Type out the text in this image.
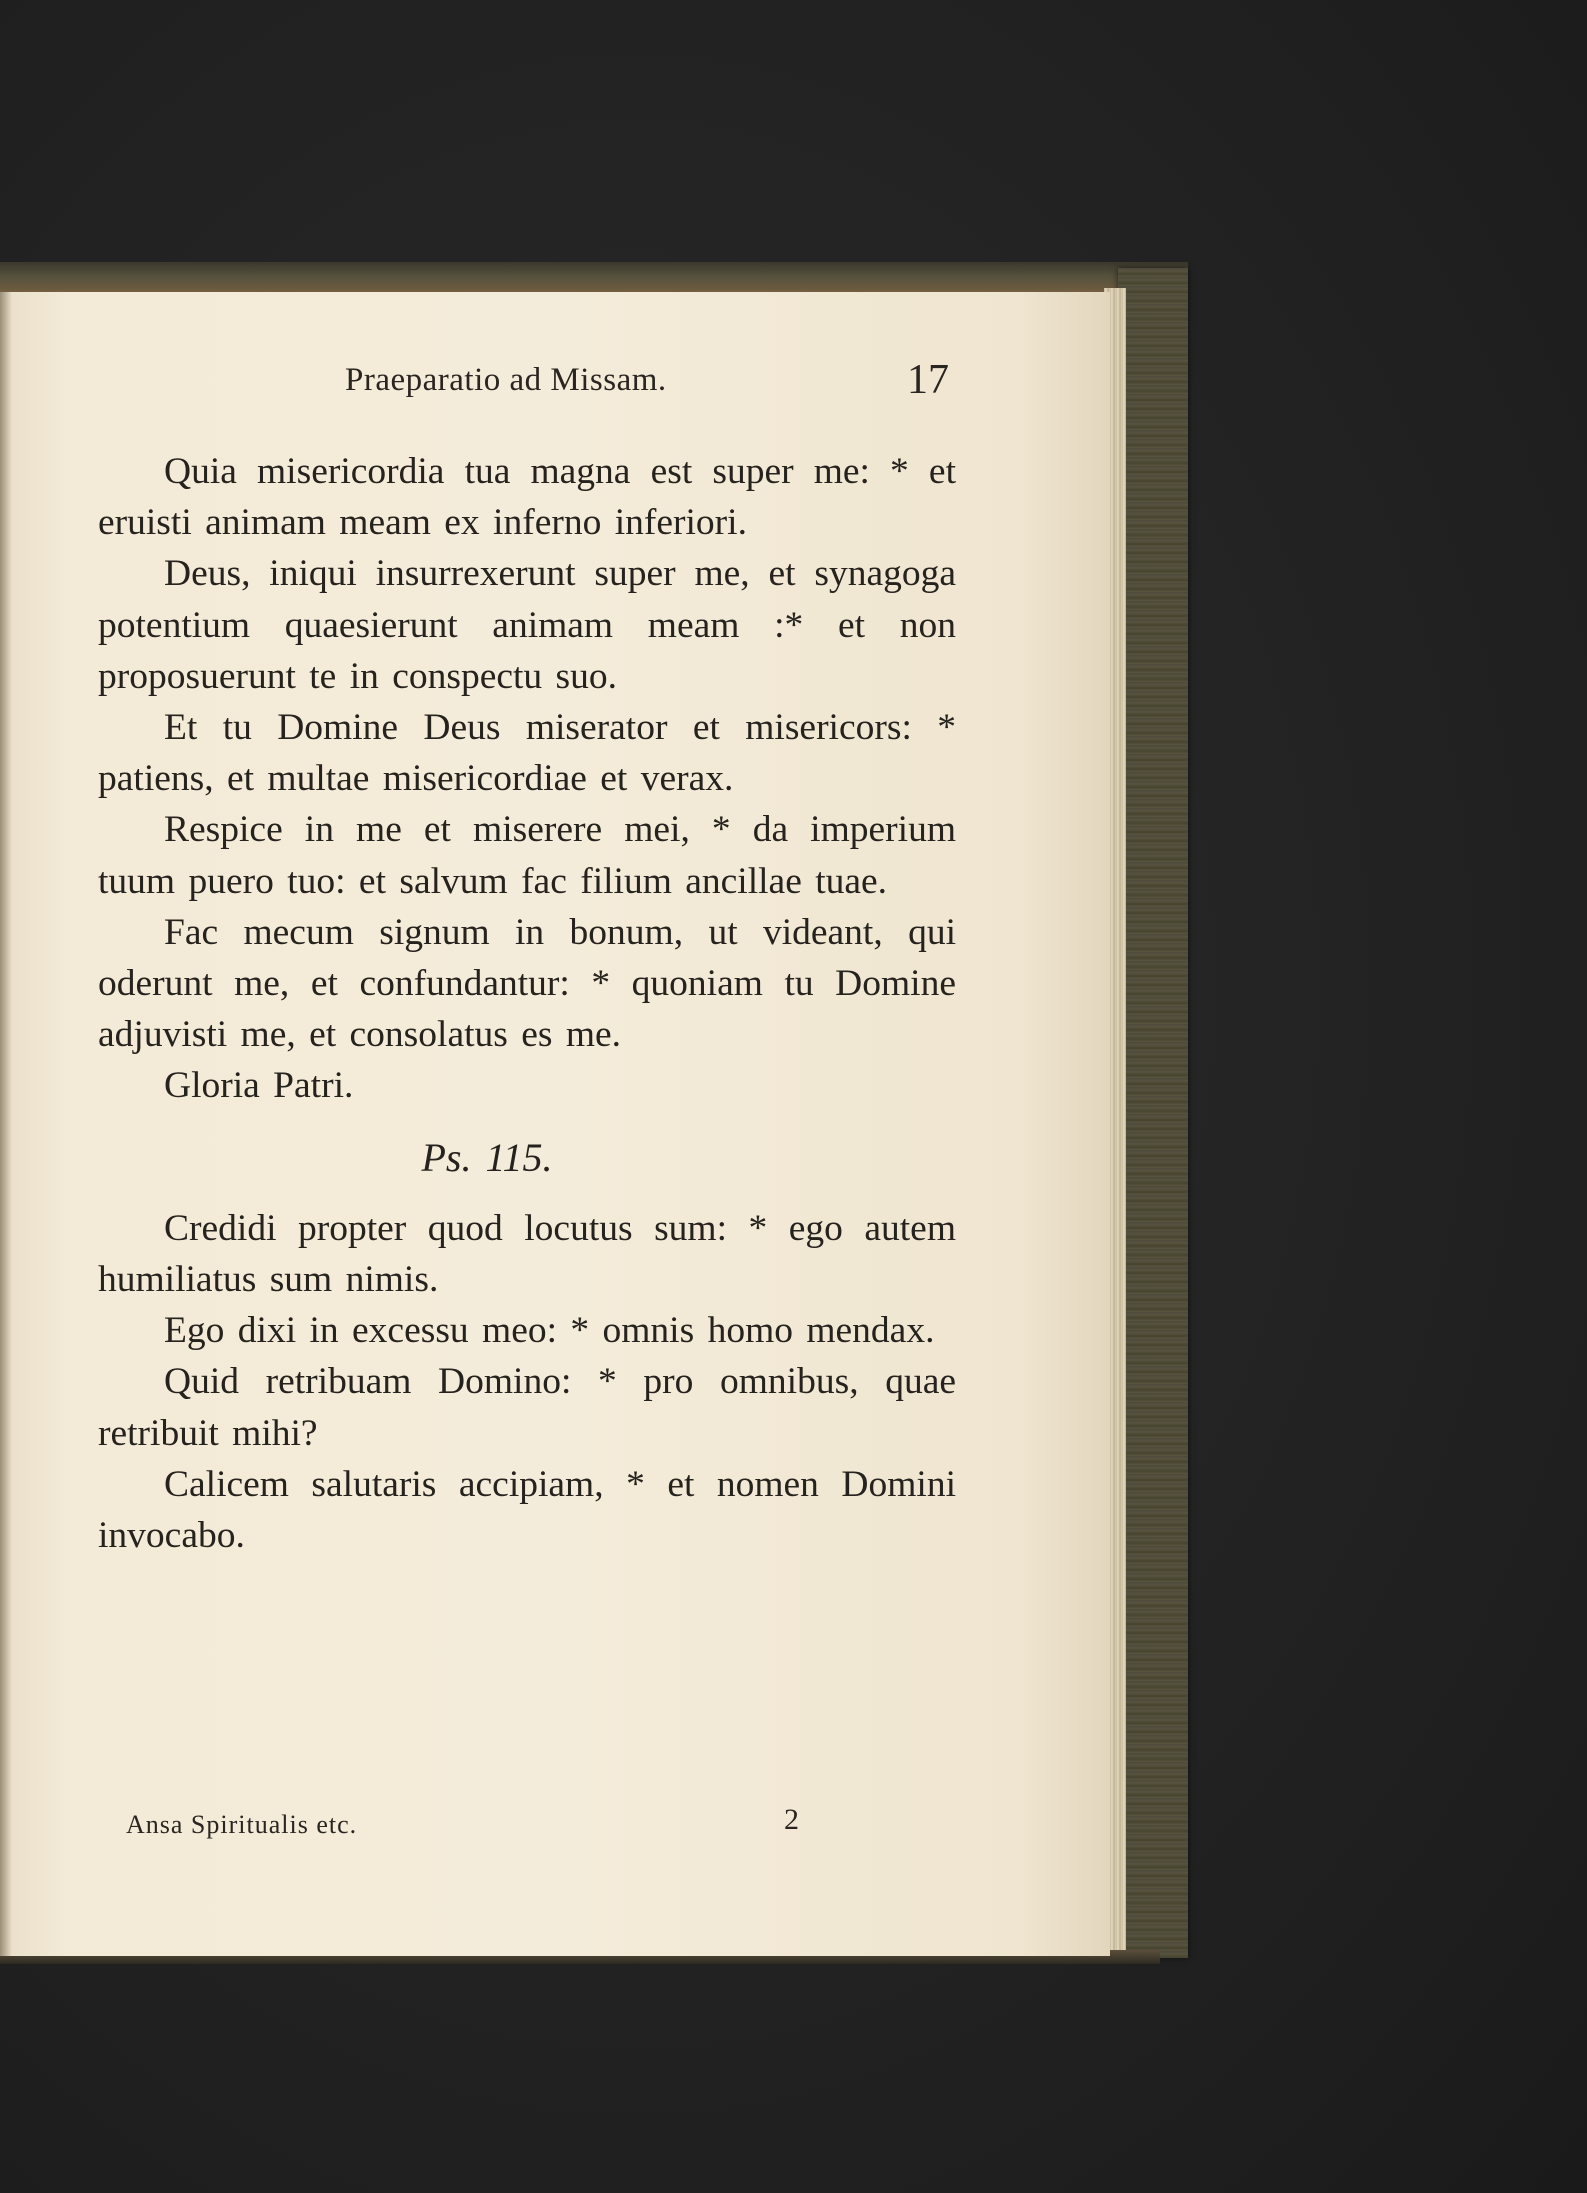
Praeparatio ad Missam.	17

Quia misericordia tua magna est super me: * et eruisti animam meam ex inferno inferiori.

Deus, iniqui insurrexerunt super me, et synagoga potentium quaesierunt animam meam :* et non proposuerunt te in conspectu suo.

Et tu Domine Deus miserator et misericors: * patiens, et multae misericordiae et verax.

Respice in me et miserere mei, * da imperium tuum puero tuo: et salvum fac filium ancillae tuae.

Fac mecum signum in bonum, ut videant, qui oderunt me, et confundantur: * quoniam tu Domine adjuvisti me, et consolatus es me.

Gloria Patri.

Ps. 115.

Credidi propter quod locutus sum: * ego autem humiliatus sum nimis.

Ego dixi in excessu meo: * omnis homo mendax.

Quid retribuam Domino: * pro omnibus, quae retribuit mihi?

Calicem salutaris accipiam, * et nomen Domini invocabo.

Ansa Spiritualis etc.	2
